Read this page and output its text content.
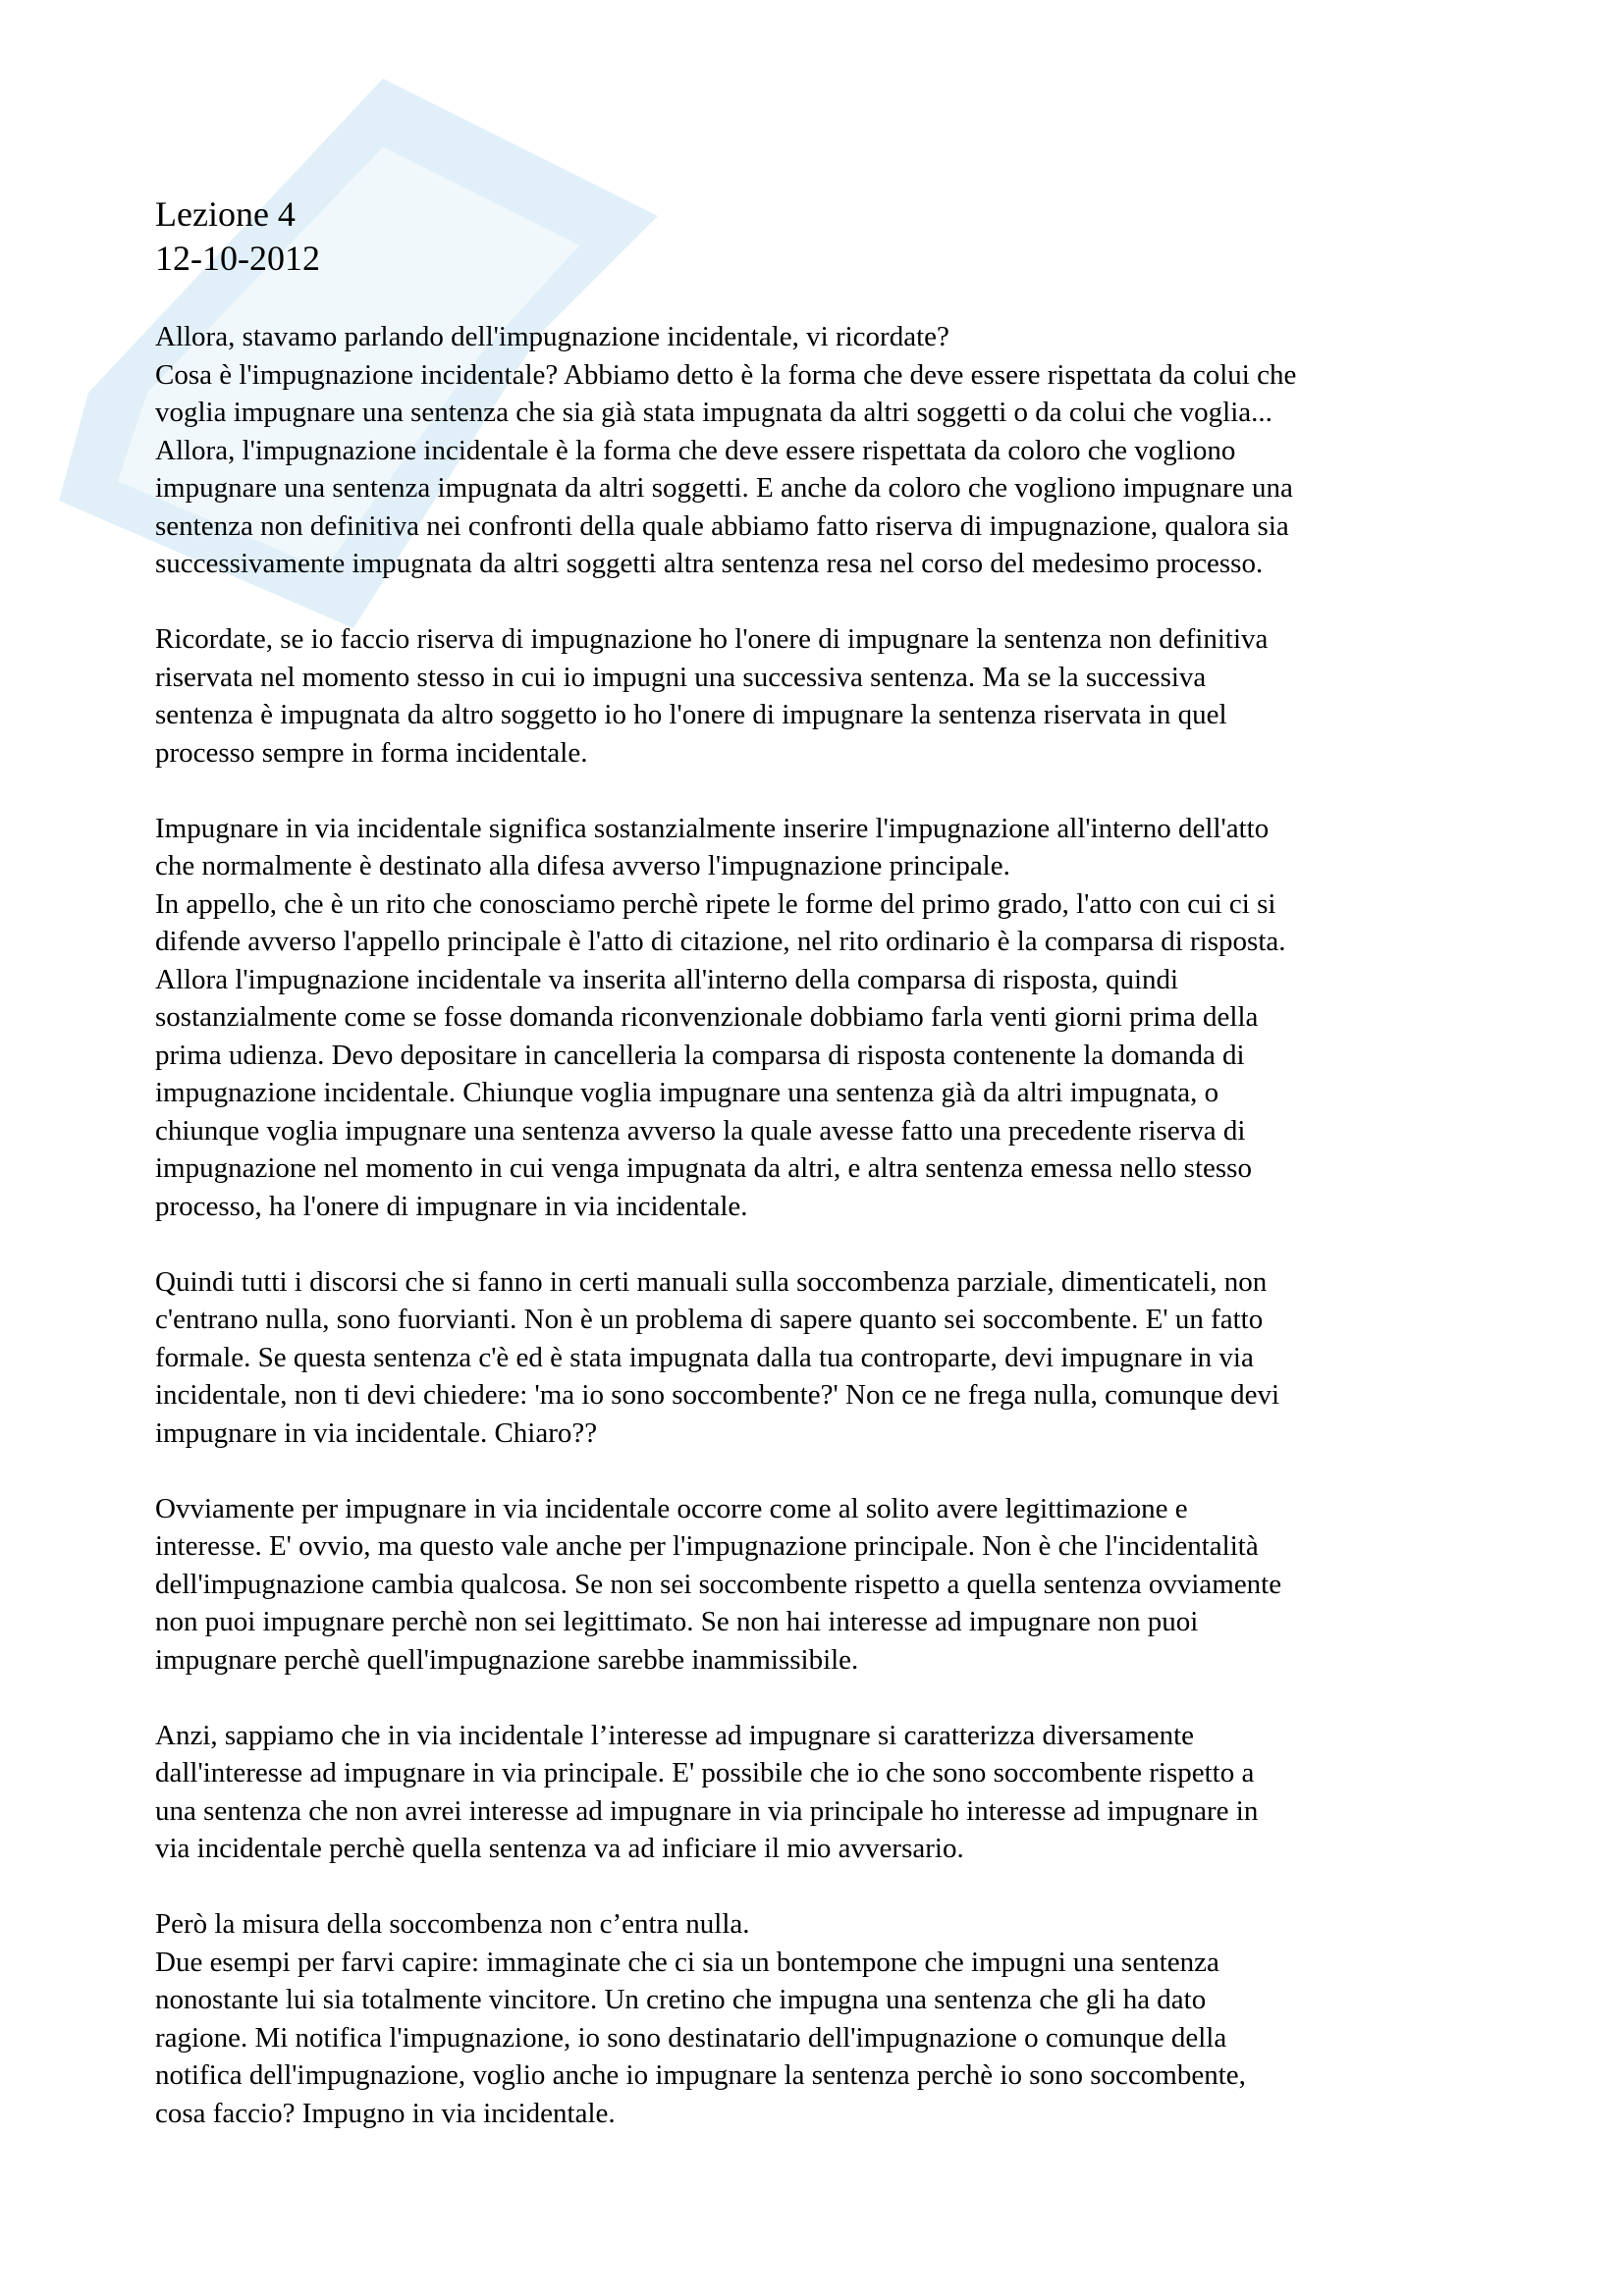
Lezione 4

12-10-2012

Allora, stavamo parlando dell'impugnazione incidentale, vi ricordate?
Cosa è l'impugnazione incidentale? Abbiamo detto è la forma che deve essere rispettata da colui che
voglia impugnare una sentenza che sia già stata impugnata da altri soggetti o da colui che voglia...
Allora, l'impugnazione incidentale è la forma che deve essere rispettata da coloro che vogliono
impugnare una sentenza impugnata da altri soggetti. E anche da coloro che vogliono impugnare una
sentenza non definitiva nei confronti della quale abbiamo fatto riserva di impugnazione, qualora sia
successivamente impugnata da altri soggetti altra sentenza resa nel corso del medesimo processo.
Ricordate, se io faccio riserva di impugnazione ho l'onere di impugnare la sentenza non definitiva
riservata nel momento stesso in cui io impugni una successiva sentenza. Ma se la successiva
sentenza è impugnata da altro soggetto io ho l'onere di impugnare la sentenza riservata in quel
processo sempre in forma incidentale.
Impugnare in via incidentale significa sostanzialmente inserire l'impugnazione all'interno dell'atto
che normalmente è destinato alla difesa avverso l'impugnazione principale.
In appello, che è un rito che conosciamo perchè ripete le forme del primo grado, l'atto con cui ci si
difende avverso l'appello principale è l'atto di citazione, nel rito ordinario è la comparsa di risposta.
Allora l'impugnazione incidentale va inserita all'interno della comparsa di risposta, quindi
sostanzialmente come se fosse domanda riconvenzionale dobbiamo farla venti giorni prima della
prima udienza. Devo depositare in cancelleria la comparsa di risposta contenente la domanda di
impugnazione incidentale. Chiunque voglia impugnare una sentenza già da altri impugnata, o
chiunque voglia impugnare una sentenza avverso la quale avesse fatto una precedente riserva di
impugnazione nel momento in cui venga impugnata da altri, e altra sentenza emessa nello stesso
processo, ha l'onere di impugnare in via incidentale.
Quindi tutti i discorsi che si fanno in certi manuali sulla soccombenza parziale, dimenticateli, non
c'entrano nulla, sono fuorvianti. Non è un problema di sapere quanto sei soccombente. E' un fatto
formale. Se questa sentenza c'è ed è stata impugnata dalla tua controparte, devi impugnare in via
incidentale, non ti devi chiedere: 'ma io sono soccombente?' Non ce ne frega nulla, comunque devi
impugnare in via incidentale. Chiaro??
Ovviamente per impugnare in via incidentale occorre come al solito avere legittimazione e
interesse. E' ovvio, ma questo vale anche per l'impugnazione principale. Non è che l'incidentalità
dell'impugnazione cambia qualcosa. Se non sei soccombente rispetto a quella sentenza ovviamente
non puoi impugnare perchè non sei legittimato. Se non hai interesse ad impugnare non puoi
impugnare perchè quell'impugnazione sarebbe inammissibile.
Anzi, sappiamo che in via incidentale l’interesse ad impugnare si caratterizza diversamente
dall'interesse ad impugnare in via principale. E' possibile che io che sono soccombente rispetto a
una sentenza che non avrei interesse ad impugnare in via principale ho interesse ad impugnare in
via incidentale perchè quella sentenza va ad inficiare il mio avversario.
Però la misura della soccombenza non c’entra nulla.
Due esempi per farvi capire: immaginate che ci sia un bontempone che impugni una sentenza
nonostante lui sia totalmente vincitore. Un cretino che impugna una sentenza che gli ha dato
ragione. Mi notifica l'impugnazione, io sono destinatario dell'impugnazione o comunque della
notifica dell'impugnazione, voglio anche io impugnare la sentenza perchè io sono soccombente,
cosa faccio? Impugno in via incidentale.
